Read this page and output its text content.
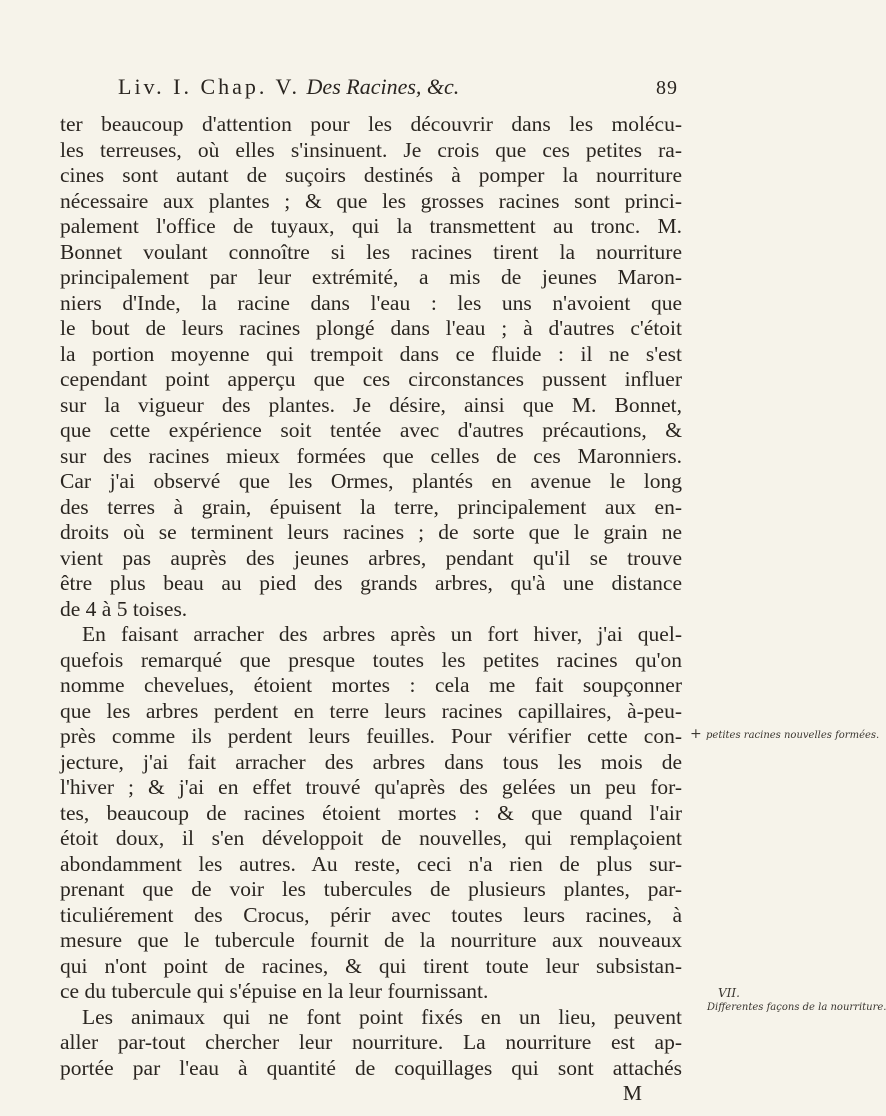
Liv. I. Chap. V. Des Racines, &c.	89
ter beaucoup d'attention pour les découvrir dans les molécu-
les terreuses, où elles s'insinuent. Je crois que ces petites ra-
cines sont autant de suçoirs destinés à pomper la nourriture
nécessaire aux plantes ; & que les grosses racines sont princi-
palement l'office de tuyaux, qui la transmettent au tronc. M.
Bonnet voulant connoître si les racines tirent la nourriture
principalement par leur extrémité, a mis de jeunes Maron-
niers d'Inde, la racine dans l'eau : les uns n'avoient que
le bout de leurs racines plongé dans l'eau ; à d'autres c'étoit
la portion moyenne qui trempoit dans ce fluide : il ne s'est
cependant point apperçu que ces circonstances pussent influer
sur la vigueur des plantes. Je désire, ainsi que M. Bonnet,
que cette expérience soit tentée avec d'autres précautions, &
sur des racines mieux formées que celles de ces Maronniers.
Car j'ai observé que les Ormes, plantés en avenue le long
des terres à grain, épuisent la terre, principalement aux en-
droits où se terminent leurs racines ; de sorte que le grain ne
vient pas auprès des jeunes arbres, pendant qu'il se trouve
être plus beau au pied des grands arbres, qu'à une distance
de 4 à 5 toises.
En faisant arracher des arbres après un fort hiver, j'ai quel-
quefois remarqué que presque toutes les petites racines qu'on
nomme chevelues, étoient mortes : cela me fait soupçonner
que les arbres perdent en terre leurs racines capillaires, à-peu-
près comme ils perdent leurs feuilles. Pour vérifier cette con-
jecture, j'ai fait arracher des arbres dans tous les mois de
l'hiver ; & j'ai en effet trouvé qu'après des gelées un peu for-
tes, beaucoup de racines étoient mortes : & que quand l'air
étoit doux, il s'en développoit de nouvelles, qui remplaçoient
abondamment les autres. Au reste, ceci n'a rien de plus sur-
prenant que de voir les tubercules de plusieurs plantes, par-
ticuliérement des Crocus, périr avec toutes leurs racines, à
mesure que le tubercule fournit de la nourriture aux nouveaux
qui n'ont point de racines, & qui tirent toute leur subsistan-
ce du tubercule qui s'épuise en la leur fournissant.
Les animaux qui ne font point fixés en un lieu, peuvent
aller par-tout chercher leur nourriture. La nourriture est ap-
portée par l'eau à quantité de coquillages qui sont attachés
M
+ petites racines nouvelles formées.
VII.
Differentes façons de la nourriture.
